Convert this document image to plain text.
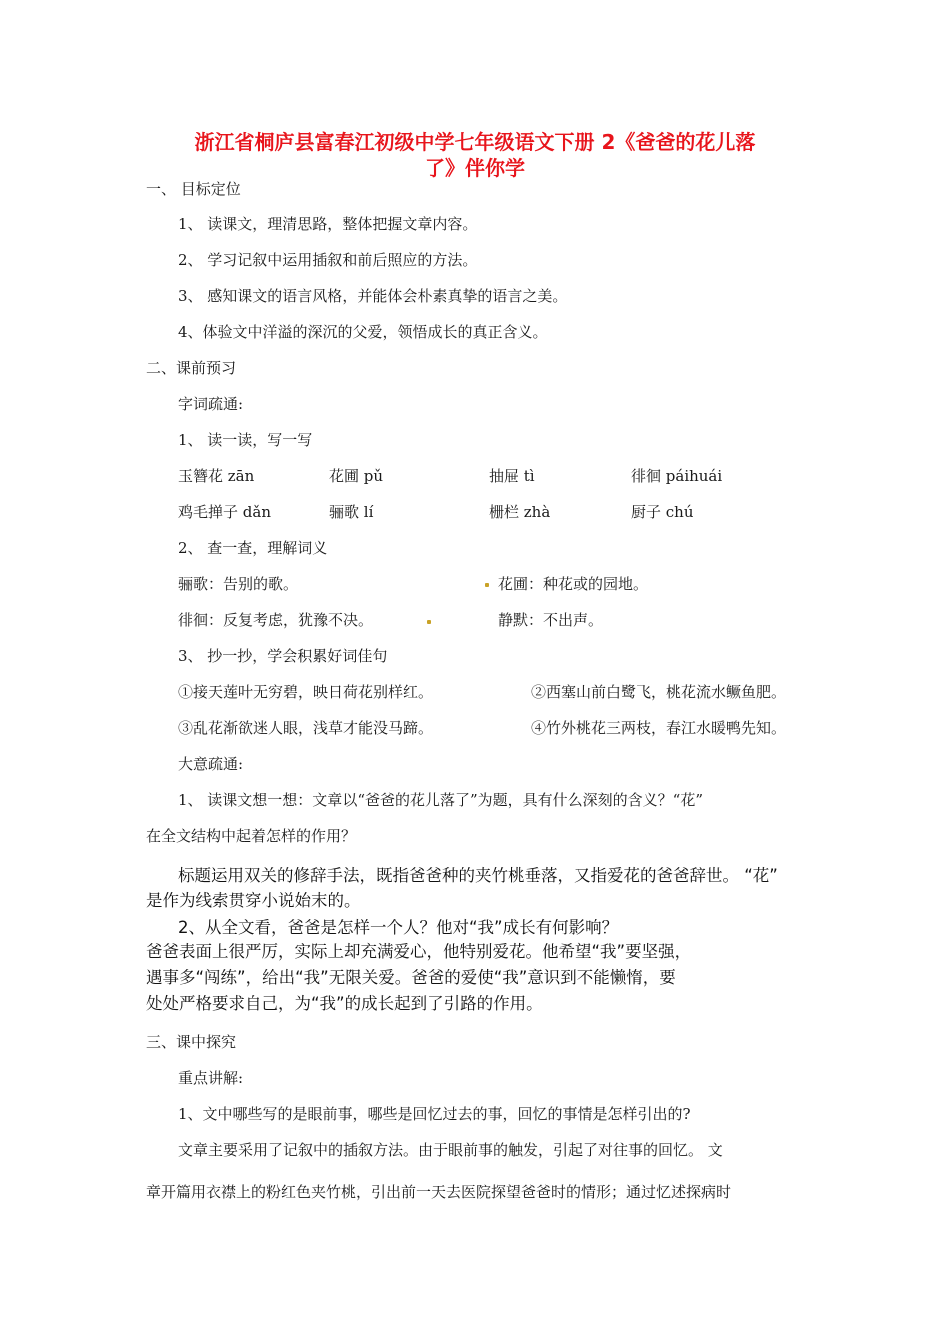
浙江省桐庐县富春江初级中学七年级语文下册 2《爸爸的花儿落
了》伴你学
一、 目标定位
1、 读课文，理清思路，整体把握文章内容。
2、 学习记叙中运用插叙和前后照应的方法。
3、 感知课文的语言风格，并能体会朴素真挚的语言之美。
4、体验文中洋溢的深沉的父爱，领悟成长的真正含义。
二、课前预习
字词疏通:
1、 读一读，写一写
玉簪花 zān	花圃 pǔ	抽屉 tì	徘徊 páihuái
鸡毛掸子 dǎn	骊歌 lí	栅栏 zhà	厨子 chú
2、 查一查，理解词义
骊歌：告别的歌。	花圃：种花或的园地。
徘徊：反复考虑，犹豫不决。	静默：不出声。
3、 抄一抄，学会积累好词佳句
①接天莲叶无穷碧，映日荷花别样红。	②西塞山前白鹭飞，桃花流水鳜鱼肥。
③乱花渐欲迷人眼，浅草才能没马蹄。	④竹外桃花三两枝，春江水暖鸭先知。
大意疏通:
1、 读课文想一想：文章以“爸爸的花儿落了”为题，具有什么深刻的含义？“花”
在全文结构中起着怎样的作用？
标题运用双关的修辞手法，既指爸爸种的夹竹桃垂落，又指爱花的爸爸辞世。 “花”
是作为线索贯穿小说始末的。
2、从全文看，爸爸是怎样一个人？他对“我”成长有何影响？
爸爸表面上很严厉，实际上却充满爱心，他特别爱花。他希望“我”要坚强，
遇事多“闯练”，给出“我”无限关爱。爸爸的爱使“我”意识到不能懒惰，要
处处严格要求自己，为“我”的成长起到了引路的作用。
三、课中探究
重点讲解:
1、文中哪些写的是眼前事，哪些是回忆过去的事，回忆的事情是怎样引出的?
文章主要采用了记叙中的插叙方法。由于眼前事的触发，引起了对往事的回忆。 文
章开篇用衣襟上的粉红色夹竹桃，引出前一天去医院探望爸爸时的情形；通过忆述探病时
